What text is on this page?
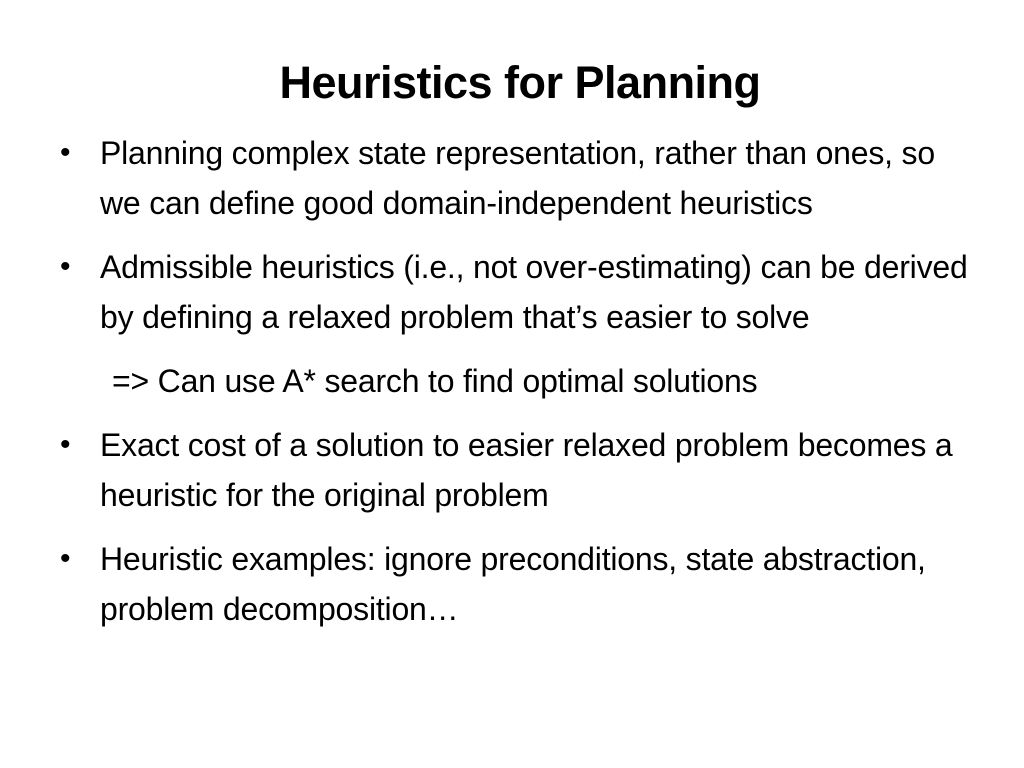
Heuristics for Planning
• Planning complex state representation, rather than ones, so we can define good domain-independent heuristics
• Admissible heuristics (i.e., not over-estimating) can be derived by defining a relaxed problem that’s easier to solve
=> Can use A* search to find optimal solutions
• Exact cost of a solution to easier relaxed problem becomes a heuristic for the original problem
• Heuristic examples: ignore preconditions, state abstraction, problem decomposition…
